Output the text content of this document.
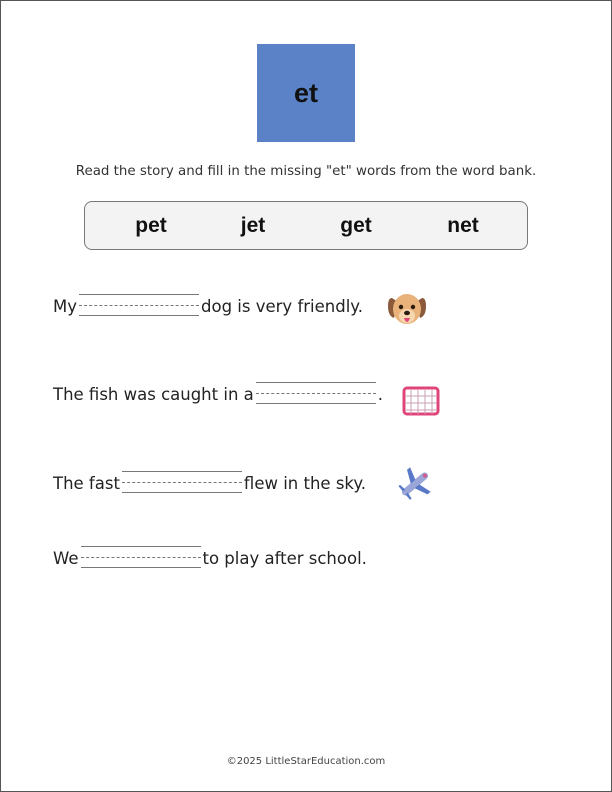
et
Read the story and fill in the missing "et" words from the word bank.
pet	jet	get	net
My	dog is very friendly.
The fish was caught in a	.
The fast	flew in the sky.
We	to play after school.
©2025 LittleStarEducation.com
